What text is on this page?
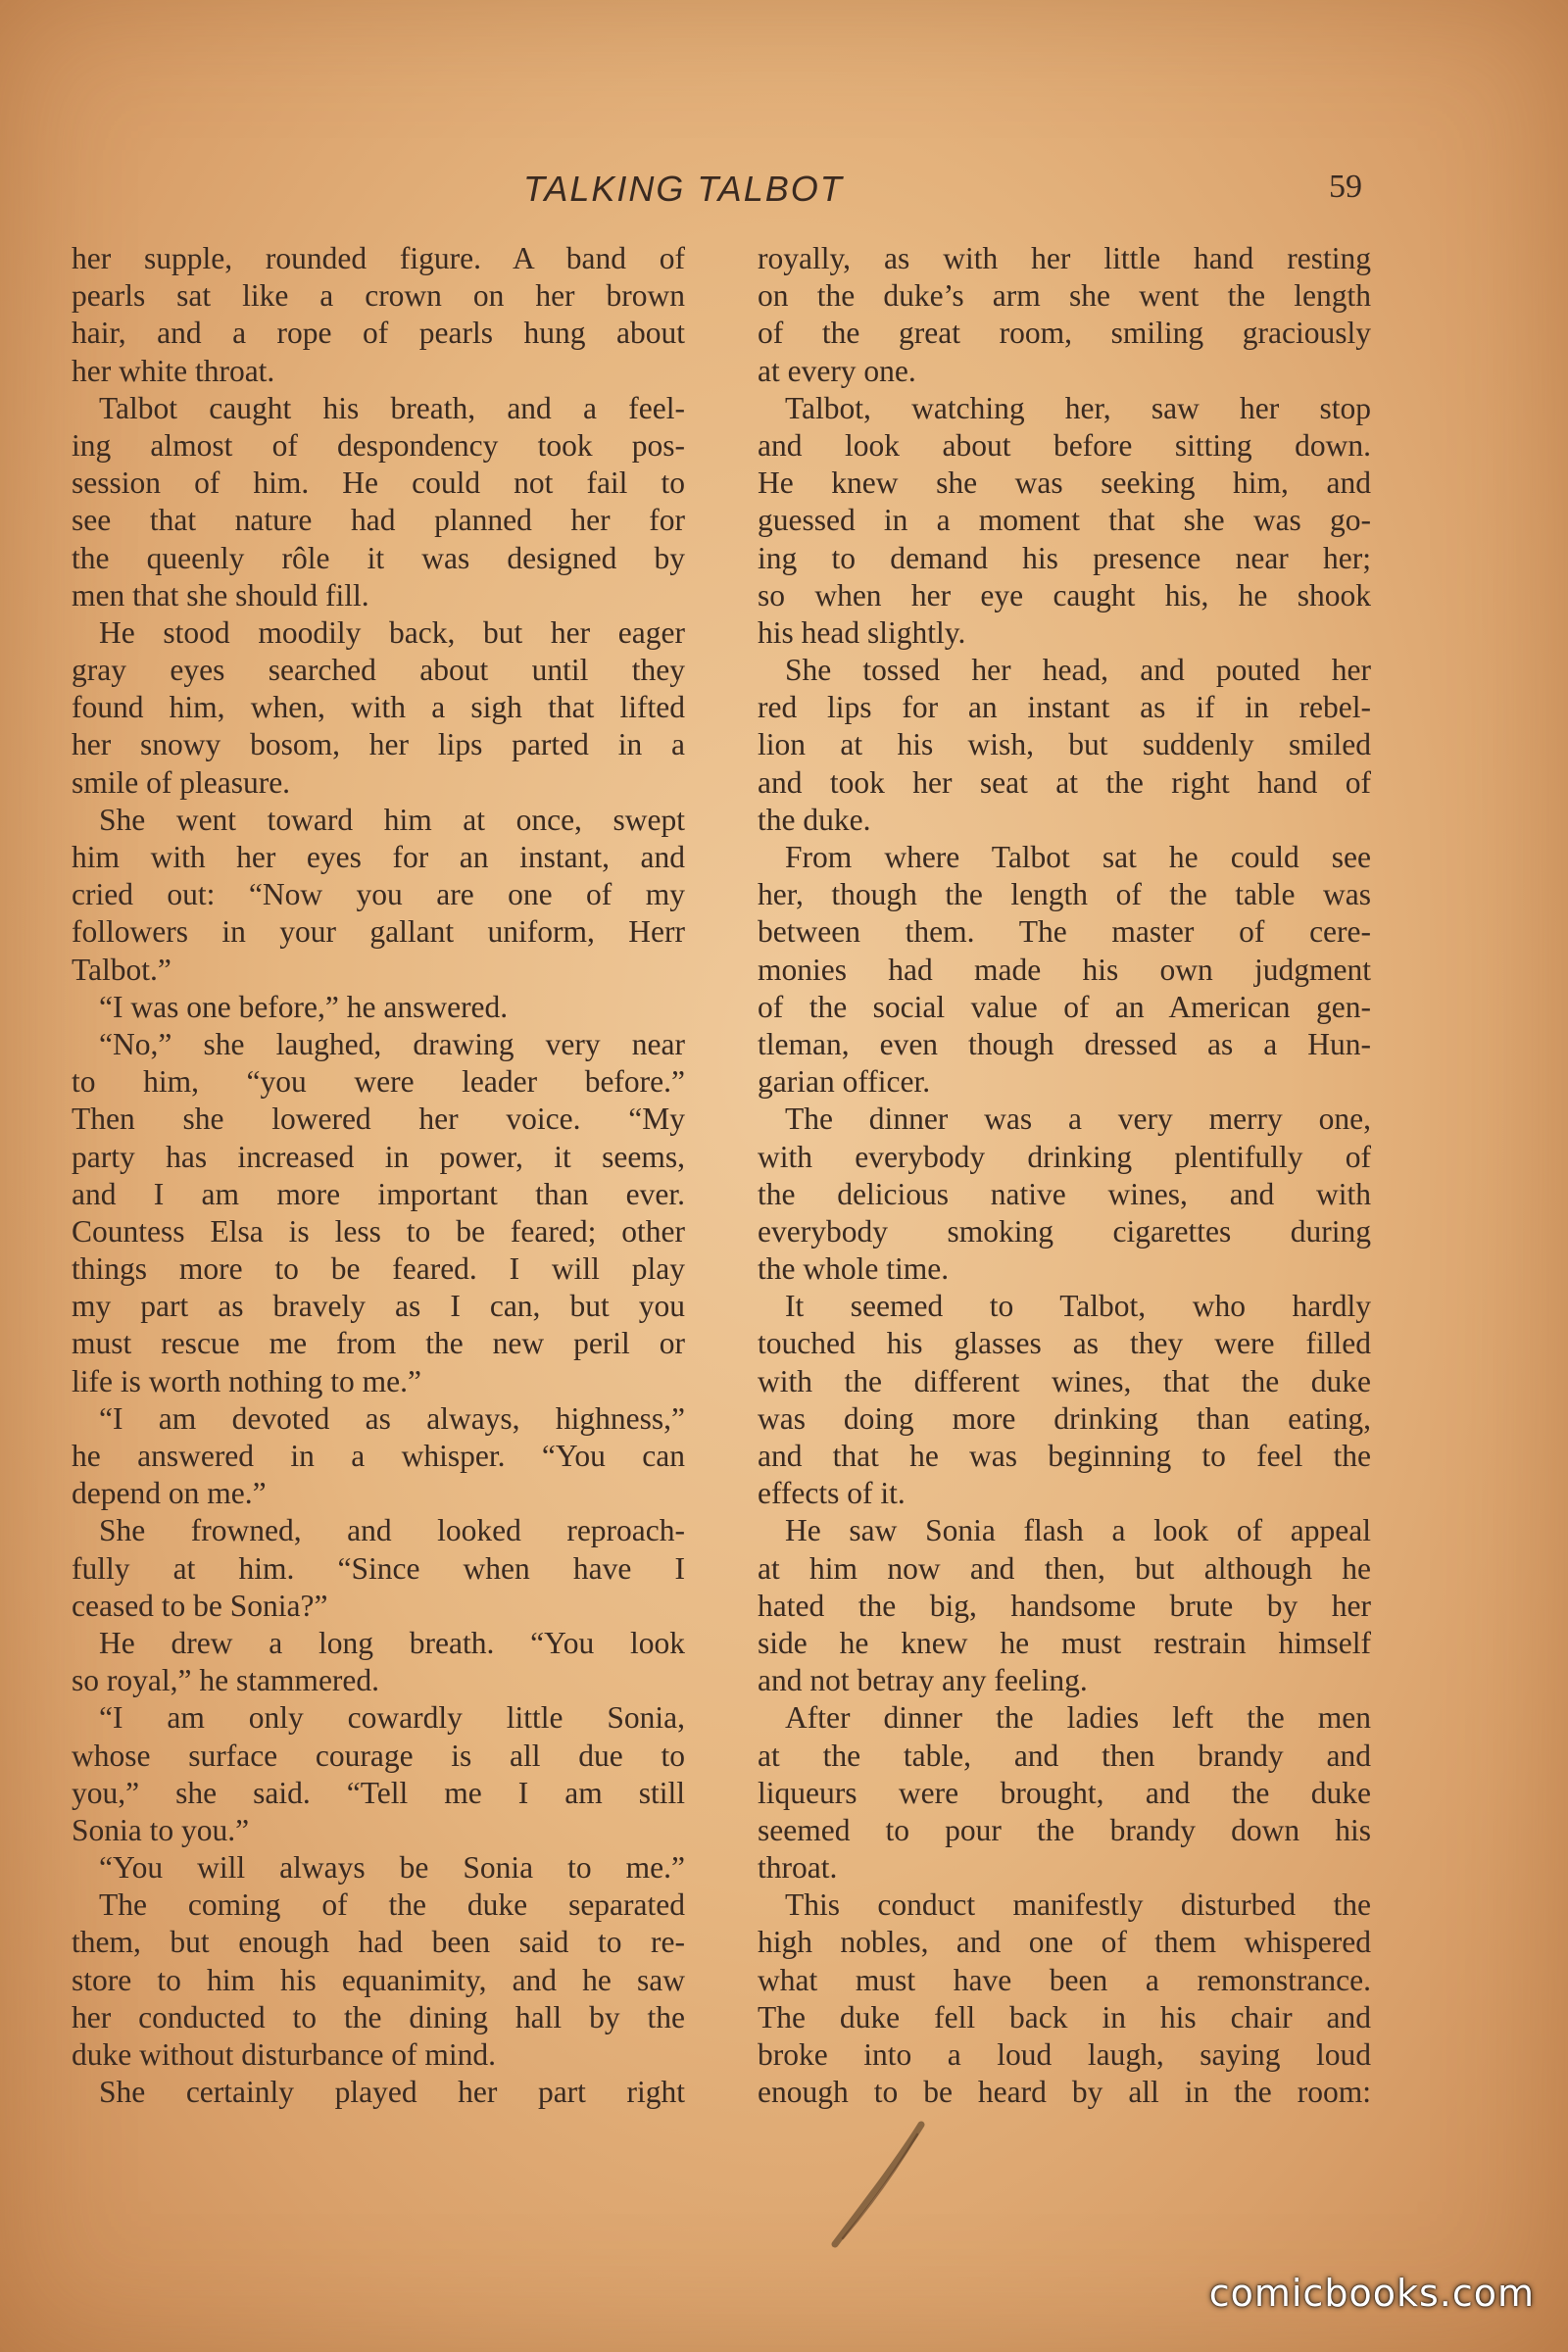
TALKING TALBOT	59
her supple, rounded figure. A band of
pearls sat like a crown on her brown
hair, and a rope of pearls hung about
her white throat.
Talbot caught his breath, and a feel-
ing almost of despondency took pos-
session of him. He could not fail to
see that nature had planned her for
the queenly rôle it was designed by
men that she should fill.
He stood moodily back, but her eager
gray eyes searched about until they
found him, when, with a sigh that lifted
her snowy bosom, her lips parted in a
smile of pleasure.
She went toward him at once, swept
him with her eyes for an instant, and
cried out: “Now you are one of my
followers in your gallant uniform, Herr
Talbot.”
“I was one before,” he answered.
“No,” she laughed, drawing very near
to him, “you were leader before.”
Then she lowered her voice. “My
party has increased in power, it seems,
and I am more important than ever.
Countess Elsa is less to be feared; other
things more to be feared. I will play
my part as bravely as I can, but you
must rescue me from the new peril or
life is worth nothing to me.”
“I am devoted as always, highness,”
he answered in a whisper. “You can
depend on me.”
She frowned, and looked reproach-
fully at him. “Since when have I
ceased to be Sonia?”
He drew a long breath. “You look
so royal,” he stammered.
“I am only cowardly little Sonia,
whose surface courage is all due to
you,” she said. “Tell me I am still
Sonia to you.”
“You will always be Sonia to me.”
The coming of the duke separated
them, but enough had been said to re-
store to him his equanimity, and he saw
her conducted to the dining hall by the
duke without disturbance of mind.
She certainly played her part right
royally, as with her little hand resting
on the duke’s arm she went the length
of the great room, smiling graciously
at every one.
Talbot, watching her, saw her stop
and look about before sitting down.
He knew she was seeking him, and
guessed in a moment that she was go-
ing to demand his presence near her;
so when her eye caught his, he shook
his head slightly.
She tossed her head, and pouted her
red lips for an instant as if in rebel-
lion at his wish, but suddenly smiled
and took her seat at the right hand of
the duke.
From where Talbot sat he could see
her, though the length of the table was
between them. The master of cere-
monies had made his own judgment
of the social value of an American gen-
tleman, even though dressed as a Hun-
garian officer.
The dinner was a very merry one,
with everybody drinking plentifully of
the delicious native wines, and with
everybody smoking cigarettes during
the whole time.
It seemed to Talbot, who hardly
touched his glasses as they were filled
with the different wines, that the duke
was doing more drinking than eating,
and that he was beginning to feel the
effects of it.
He saw Sonia flash a look of appeal
at him now and then, but although he
hated the big, handsome brute by her
side he knew he must restrain himself
and not betray any feeling.
After dinner the ladies left the men
at the table, and then brandy and
liqueurs were brought, and the duke
seemed to pour the brandy down his
throat.
This conduct manifestly disturbed the
high nobles, and one of them whispered
what must have been a remonstrance.
The duke fell back in his chair and
broke into a loud laugh, saying loud
enough to be heard by all in the room:
comicbooks.com
